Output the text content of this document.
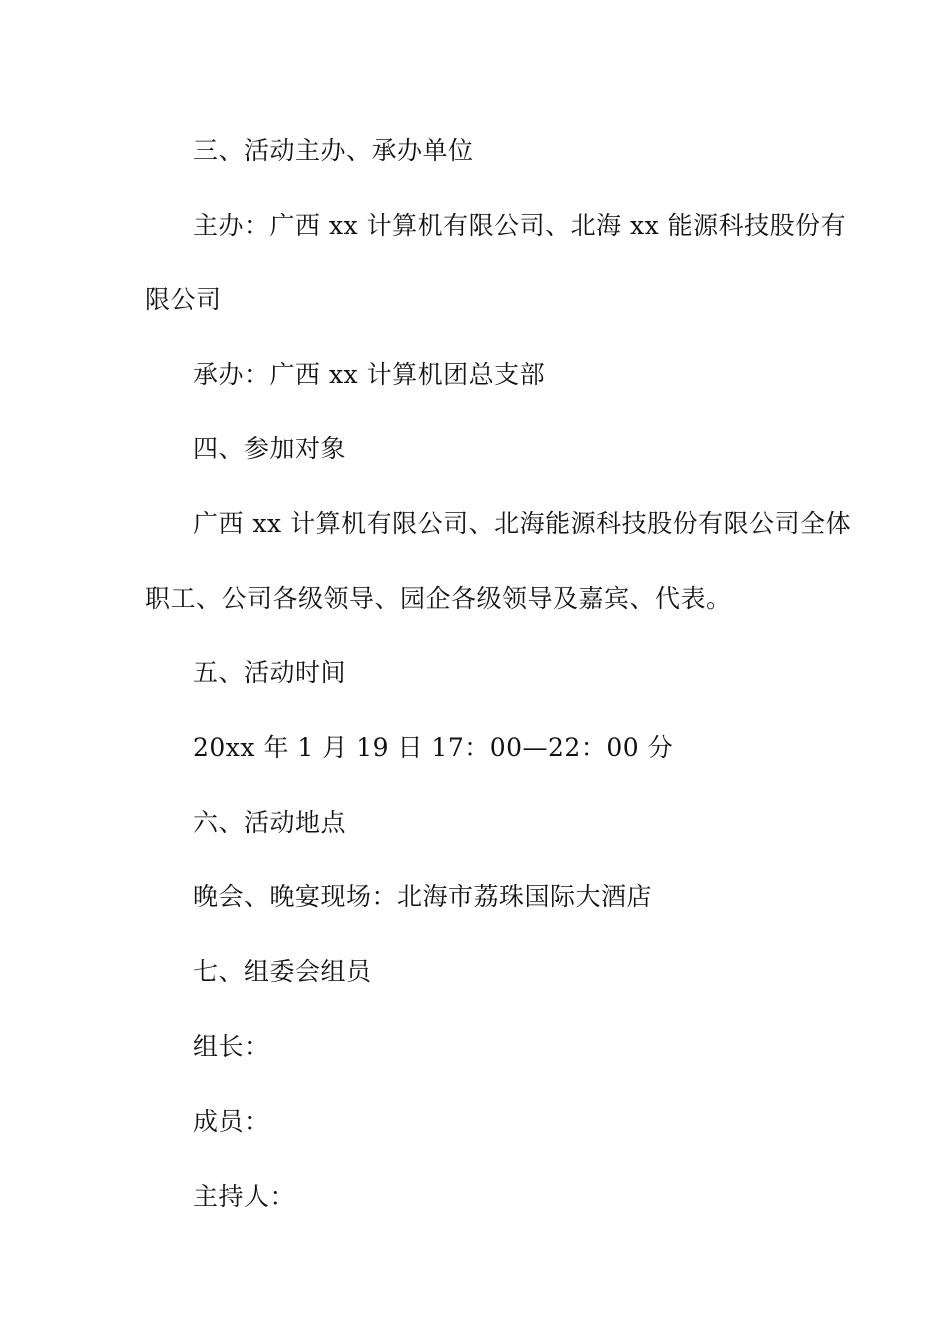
三、活动主办、承办单位
主办：广西 xx 计算机有限公司、北海 xx 能源科技股份有
限公司
承办：广西 xx 计算机团总支部
四、参加对象
广西 xx 计算机有限公司、北海能源科技股份有限公司全体
职工、公司各级领导、园企各级领导及嘉宾、代表。
五、活动时间
20xx 年 1 月 19 日 17：00—22：00 分
六、活动地点
晚会、晚宴现场：北海市荔珠国际大酒店
七、组委会组员
组长：
成员：
主持人：
